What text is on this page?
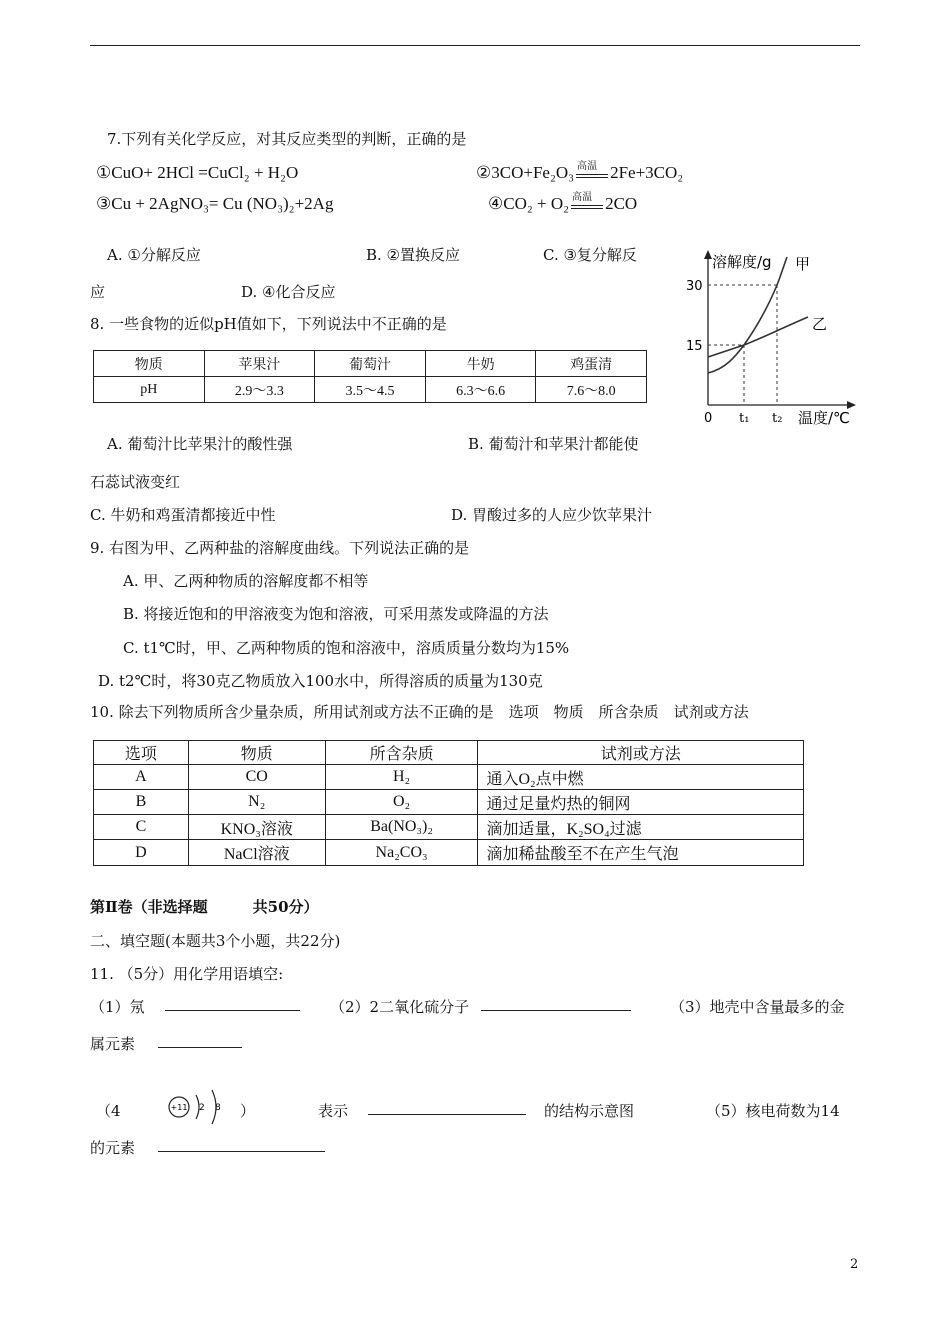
7.下列有关化学反应，对其反应类型的判断，正确的是
①CuO+ 2HCl =CuCl₂ + H₂O	②3CO+Fe₂O₃ 高温 2Fe+3CO₂
③Cu + 2AgNO₃= Cu (NO₃)₂+2Ag	④CO₂ + O₂ 高温 2CO
A. ①分解反应	B. ②置换反应	C. ③复分解反
应	D. ④化合反应
8. 一些食物的近似pH值如下，下列说法中不正确的是
物质	苹果汁	葡萄汁	牛奶	鸡蛋清
pH	2.9～3.3	3.5～4.5	6.3～6.6	7.6～8.0
A. 葡萄汁比苹果汁的酸性强	B. 葡萄汁和苹果汁都能使
石蕊试液变红
C. 牛奶和鸡蛋清都接近中性	D. 胃酸过多的人应少饮苹果汁
溶解度/g 甲
乙
30
15
0 t₁ t₂ 温度/℃
9. 右图为甲、乙两种盐的溶解度曲线。下列说法正确的是
A. 甲、乙两种物质的溶解度都不相等
B. 将接近饱和的甲溶液变为饱和溶液，可采用蒸发或降温的方法
C. t1℃时，甲、乙两种物质的饱和溶液中，溶质质量分数均为15%
D. t2℃时，将30克乙物质放入100水中，所得溶质的质量为130克
10. 除去下列物质所含少量杂质，所用试剂或方法不正确的是　选项　物质　所含杂质　试剂或方法
选项	物质	所含杂质	试剂或方法
A	CO	H₂	通入O₂点中燃
B	N₂	O₂	通过足量灼热的铜网
C	KNO₃溶液	Ba(NO₃)₂	滴加适量，K₂SO₄过滤
D	NaCl溶液	Na₂CO₃	滴加稀盐酸至不在产生气泡
第Ⅱ卷（非选择题　　　共50分）
二、填空题(本题共3个小题，共22分)
11. （5分）用化学用语填空:
（1）氖	（2）2二氧化硫分子	（3）地壳中含量最多的金
属元素
（4	+11 2 8 ）	表示	的结构示意图	（5）核电荷数为14
的元素
2
